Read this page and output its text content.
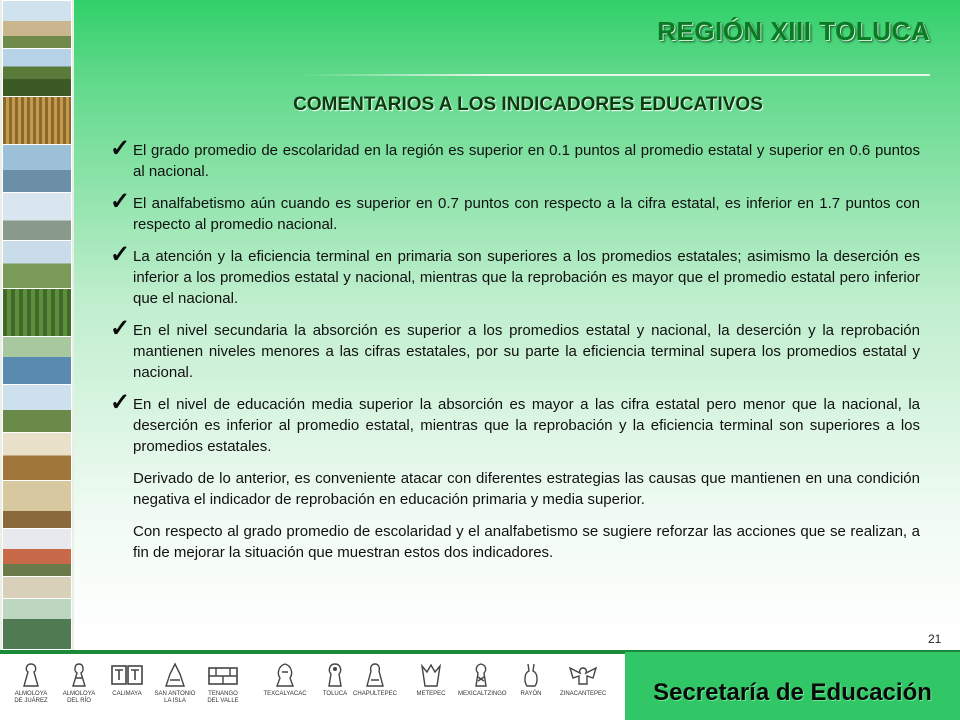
REGIÓN XIII TOLUCA
COMENTARIOS A LOS INDICADORES EDUCATIVOS
✓ El grado promedio de escolaridad en la región es superior en 0.1 puntos al promedio estatal y superior en 0.6 puntos al nacional.
✓ El analfabetismo aún cuando es superior en 0.7 puntos con respecto a la cifra estatal, es inferior en 1.7 puntos con respecto al promedio nacional.
✓ La atención y la eficiencia terminal en primaria son superiores a los promedios estatales; asimismo la deserción es inferior a los promedios estatal y nacional, mientras que la reprobación es mayor que el promedio estatal pero inferior que el nacional.
✓ En el nivel secundaria la absorción es superior a los promedios estatal y nacional, la deserción y la reprobación mantienen niveles menores a las cifras estatales, por su parte la eficiencia terminal supera los promedios estatal y nacional.
✓ En el nivel de educación media superior la absorción es mayor a las cifra estatal pero menor que la nacional, la deserción es inferior al promedio estatal, mientras que la reprobación y la eficiencia terminal son superiores a los promedios estatales.
Derivado de lo anterior, es conveniente atacar con diferentes estrategias las causas que mantienen en una condición negativa el indicador de reprobación en educación primaria y media superior.
Con respecto al grado promedio de escolaridad y el analfabetismo se sugiere reforzar las acciones que se realizan, a fin de mejorar la situación que muestran estos dos indicadores.
21
ALMOLOYA
DE JUÁREZ
ALMOLOYA
DEL RÍO
CALIMAYA	SAN ANTONIO
LA ISLA
TENANGO
DEL VALLE
TEXCALYACAC	TOLUCA CHAPULTEPEC	METEPEC	MEXICALTZINGO	RAYÓN	ZINACANTEPEC Secretaría de Educación
